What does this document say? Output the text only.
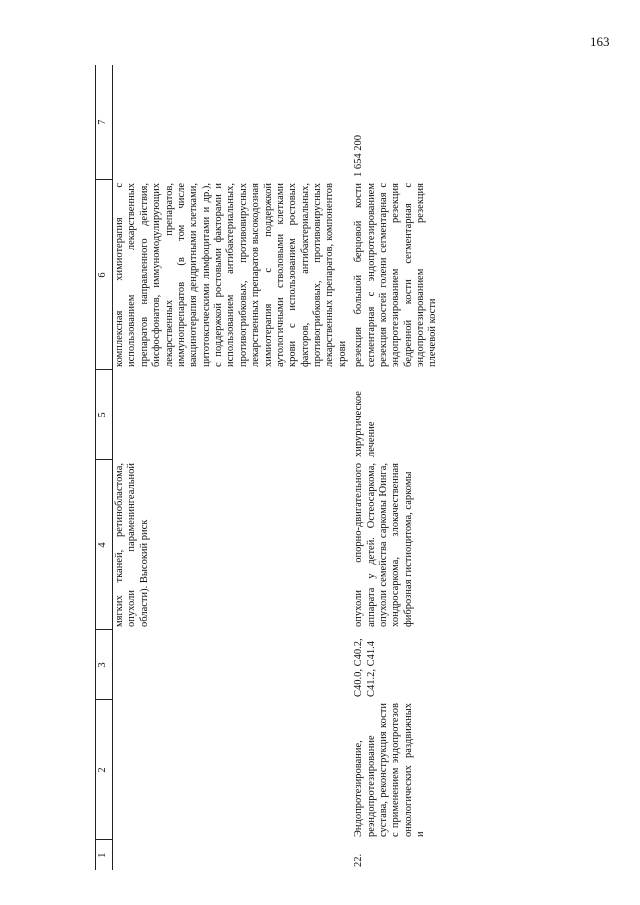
163
1	2	3	4	5	6	7
			мягких тканей, ретинобластома, опухоли параменингеальной области). Высокий риск		комплексная химиотерапия с использованием лекарственных препаратов направленного действия, бисфосфонатов, иммуномодулирующих лекарственных препаратов, иммунопрепаратов (в том числе вакцинотерапия дендритными клетками, цитотоксическими лимфоцитами и др.), с поддержкой ростовыми факторами и использованием антибактериальных, противогрибковых, противовирусных лекарственных препаратов высокодозная химиотерапия с поддержкой аутологичными стволовыми клетками крови с использованием ростовых факторов, антибактериальных, противогрибковых, противовирусных лекарственных препаратов, компонентов крови	
22.	Эндопротезирование, реэндопротезирование сустава, реконструкция кости с применением эндопротезов онкологических раздвижных и	C40.0, C40.2, C41.2, C41.4	опухоли опорно-двигательного аппарата у детей. Остеосаркома, опухоли семейства саркомы Юинга, хондросаркома, злокачественная фиброзная гистиоцитома, саркомы	хирургическое лечение	резекция большой берцовой кости сегментарная с эндопротезированием резекция костей голени сегментарная с эндопротезированием резекция бедренной кости сегментарная с эндопротезированием резекция плечевой кости	1 654 200
